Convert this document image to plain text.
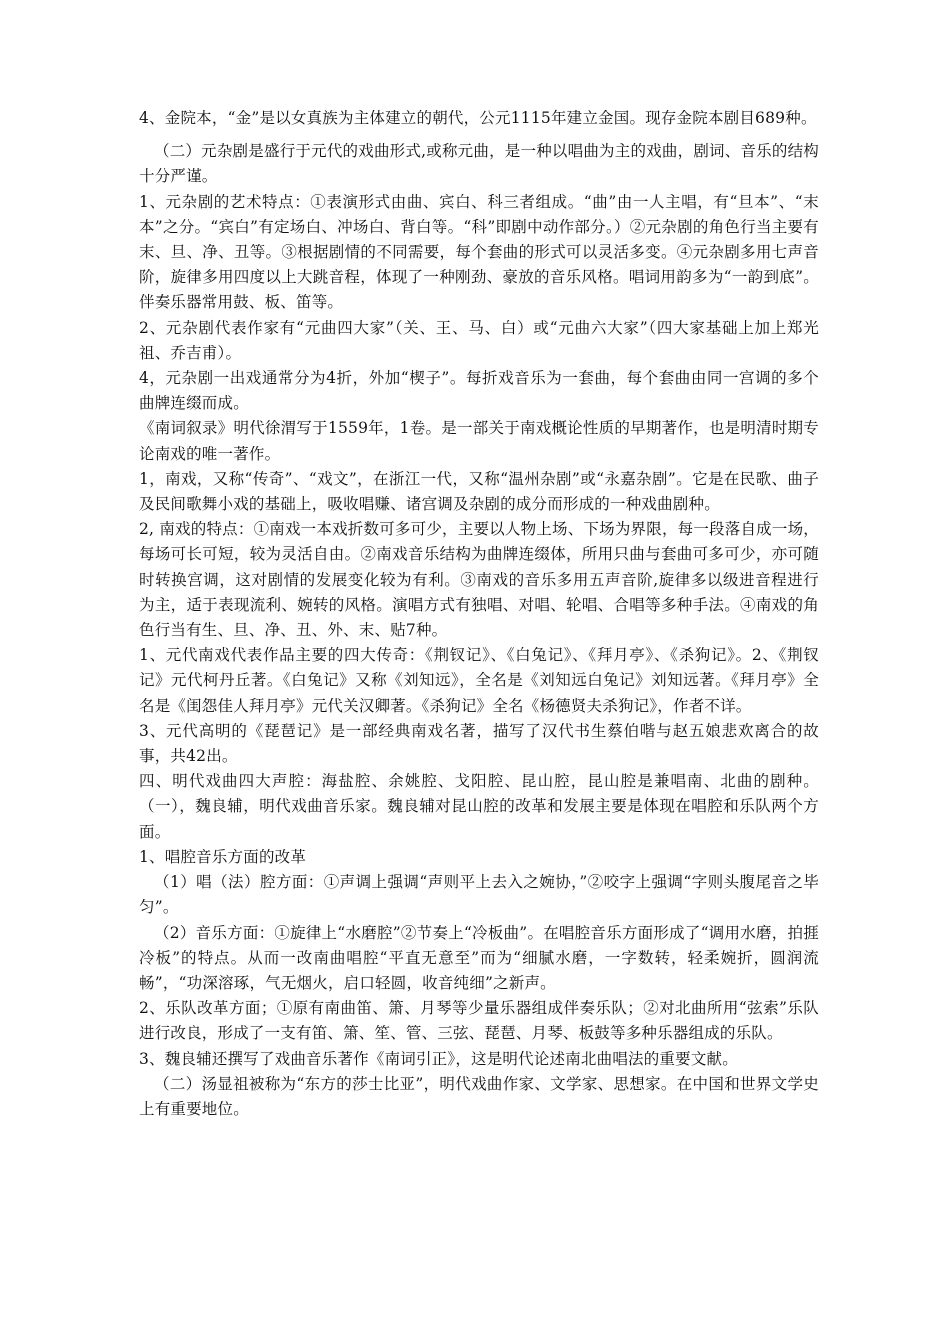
4、金院本，“金”是以女真族为主体建立的朝代，公元1115年建立金国。现存金院本剧目689种。

（二）元杂剧是盛行于元代的戏曲形式,或称元曲，是一种以唱曲为主的戏曲，剧词、音乐的结构十分严谨。

1、元杂剧的艺术特点：①表演形式由曲、宾白、科三者组成。“曲”由一人主唱，有“旦本”、“末本”之分。“宾白”有定场白、冲场白、背白等。“科”即剧中动作部分。）②元杂剧的角色行当主要有末、旦、净、丑等。③根据剧情的不同需要，每个套曲的形式可以灵活多变。④元杂剧多用七声音阶，旋律多用四度以上大跳音程，体现了一种刚劲、豪放的音乐风格。唱词用韵多为“一韵到底”。伴奏乐器常用鼓、板、笛等。

2、元杂剧代表作家有“元曲四大家”（关、王、马、白）或“元曲六大家”（四大家基础上加上郑光祖、乔吉甫）。

4，元杂剧一出戏通常分为4折，外加“楔子”。每折戏音乐为一套曲，每个套曲由同一宫调的多个曲牌连缀而成。

《南词叙录》明代徐渭写于1559年，1卷。是一部关于南戏概论性质的早期著作，也是明清时期专论南戏的唯一著作。

1，南戏，又称“传奇”、“戏文”，在浙江一代，又称“温州杂剧”或“永嘉杂剧”。它是在民歌、曲子及民间歌舞小戏的基础上，吸收唱赚、诸宫调及杂剧的成分而形成的一种戏曲剧种。

2, 南戏的特点：①南戏一本戏折数可多可少，主要以人物上场、下场为界限，每一段落自成一场，每场可长可短，较为灵活自由。②南戏音乐结构为曲牌连缀体，所用只曲与套曲可多可少，亦可随时转换宫调，这对剧情的发展变化较为有利。③南戏的音乐多用五声音阶,旋律多以级进音程进行为主，适于表现流利、婉转的风格。演唱方式有独唱、对唱、轮唱、合唱等多种手法。④南戏的角色行当有生、旦、净、丑、外、末、贴7种。

1、元代南戏代表作品主要的四大传奇：《荆钗记》、《白兔记》、《拜月亭》、《杀狗记》。2、《荆钗记》元代柯丹丘著。《白兔记》又称《刘知远》，全名是《刘知远白兔记》刘知远著。《拜月亭》全名是《闺怨佳人拜月亭》元代关汉卿著。《杀狗记》全名《杨德贤夫杀狗记》，作者不详。

3、元代高明的《琵琶记》是一部经典南戏名著，描写了汉代书生蔡伯喈与赵五娘悲欢离合的故事，共42出。

四、明代戏曲四大声腔：海盐腔、余姚腔、戈阳腔、昆山腔，昆山腔是兼唱南、北曲的剧种。（一），魏良辅，明代戏曲音乐家。魏良辅对昆山腔的改革和发展主要是体现在唱腔和乐队两个方面。

1、唱腔音乐方面的改革

（1）唱（法）腔方面：①声调上强调“声则平上去入之婉协，”②咬字上强调“字则头腹尾音之毕匀”。

（2）音乐方面：①旋律上“水磨腔”②节奏上“冷板曲”。在唱腔音乐方面形成了“调用水磨，拍捱冷板”的特点。从而一改南曲唱腔“平直无意至”而为“细腻水磨，一字数转，轻柔婉折，圆润流畅”，“功深溶琢，气无烟火，启口轻圆，收音纯细”之新声。

2、乐队改革方面；①原有南曲笛、箫、月琴等少量乐器组成伴奏乐队；②对北曲所用“弦索”乐队进行改良，形成了一支有笛、箫、笙、管、三弦、琵琶、月琴、板鼓等多种乐器组成的乐队。

3、魏良辅还撰写了戏曲音乐著作《南词引正》，这是明代论述南北曲唱法的重要文献。

（二）汤显祖被称为“东方的莎士比亚”，明代戏曲作家、文学家、思想家。在中国和世界文学史上有重要地位。
